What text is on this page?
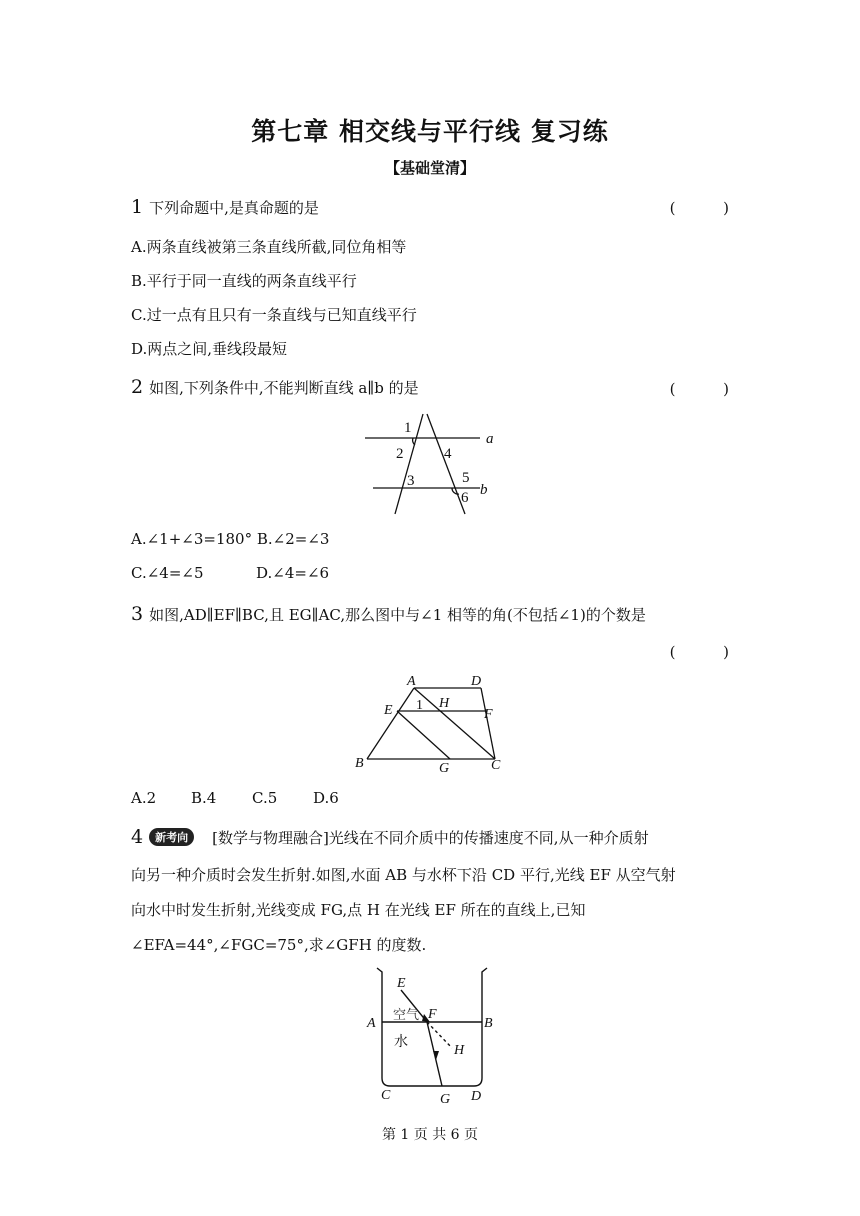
第七章 相交线与平行线 复习练
【基础堂清】
1 下列命题中,是真命题的是	(          )
A.两条直线被第三条直线所截,同位角相等
B.平行于同一直线的两条直线平行
C.过一点有且只有一条直线与已知直线平行
D.两点之间,垂线段最短
2 如图,下列条件中,不能判断直线 a∥b 的是	(          )
1
2	4
3	5
6
a
b
A.∠1+∠3=180° B.∠2=∠3
C.∠4=∠5	D.∠4=∠6
3 如图,AD∥EF∥BC,且 EG∥AC,那么图中与∠1 相等的角(不包括∠1)的个数是
(          )
A	D
E 1 H
F
B	G	C
A.2 B.4 C.5 D.6
4 新考向 [数学与物理融合]光线在不同介质中的传播速度不同,从一种介质射
向另一种介质时会发生折射.如图,水面 AB 与水杯下沿 CD 平行,光线 EF 从空气射
向水中时发生折射,光线变成 FG,点 H 在光线 EF 所在的直线上,已知
∠EFA=44°,∠FGC=75°,求∠GFH 的度数.
E
空气 F
A	B
水
H
C	G D
第 1 页 共 6 页
